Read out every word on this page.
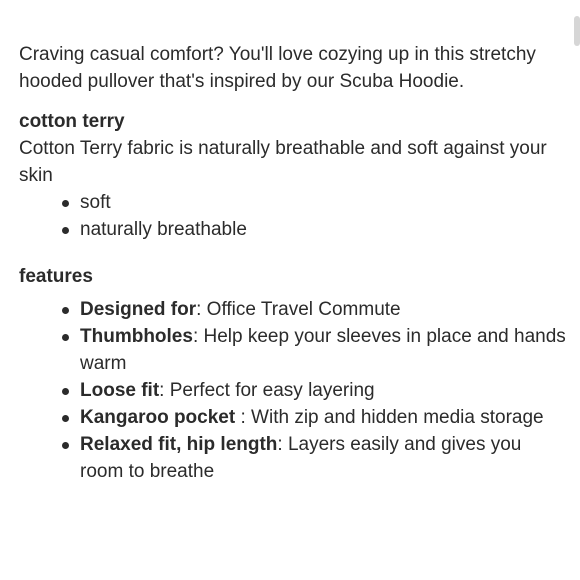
Craving casual comfort? You'll love cozying up in this stretchy hooded pullover that's inspired by our Scuba Hoodie.

cotton terry

Cotton Terry fabric is naturally breathable and soft against your skin

soft
naturally breathable

features

Designed for: Office Travel Commute
Thumbholes: Help keep your sleeves in place and hands warm
Loose fit: Perfect for easy layering
Kangaroo pocket : With zip and hidden media storage
Relaxed fit, hip length: Layers easily and gives you room to breathe
